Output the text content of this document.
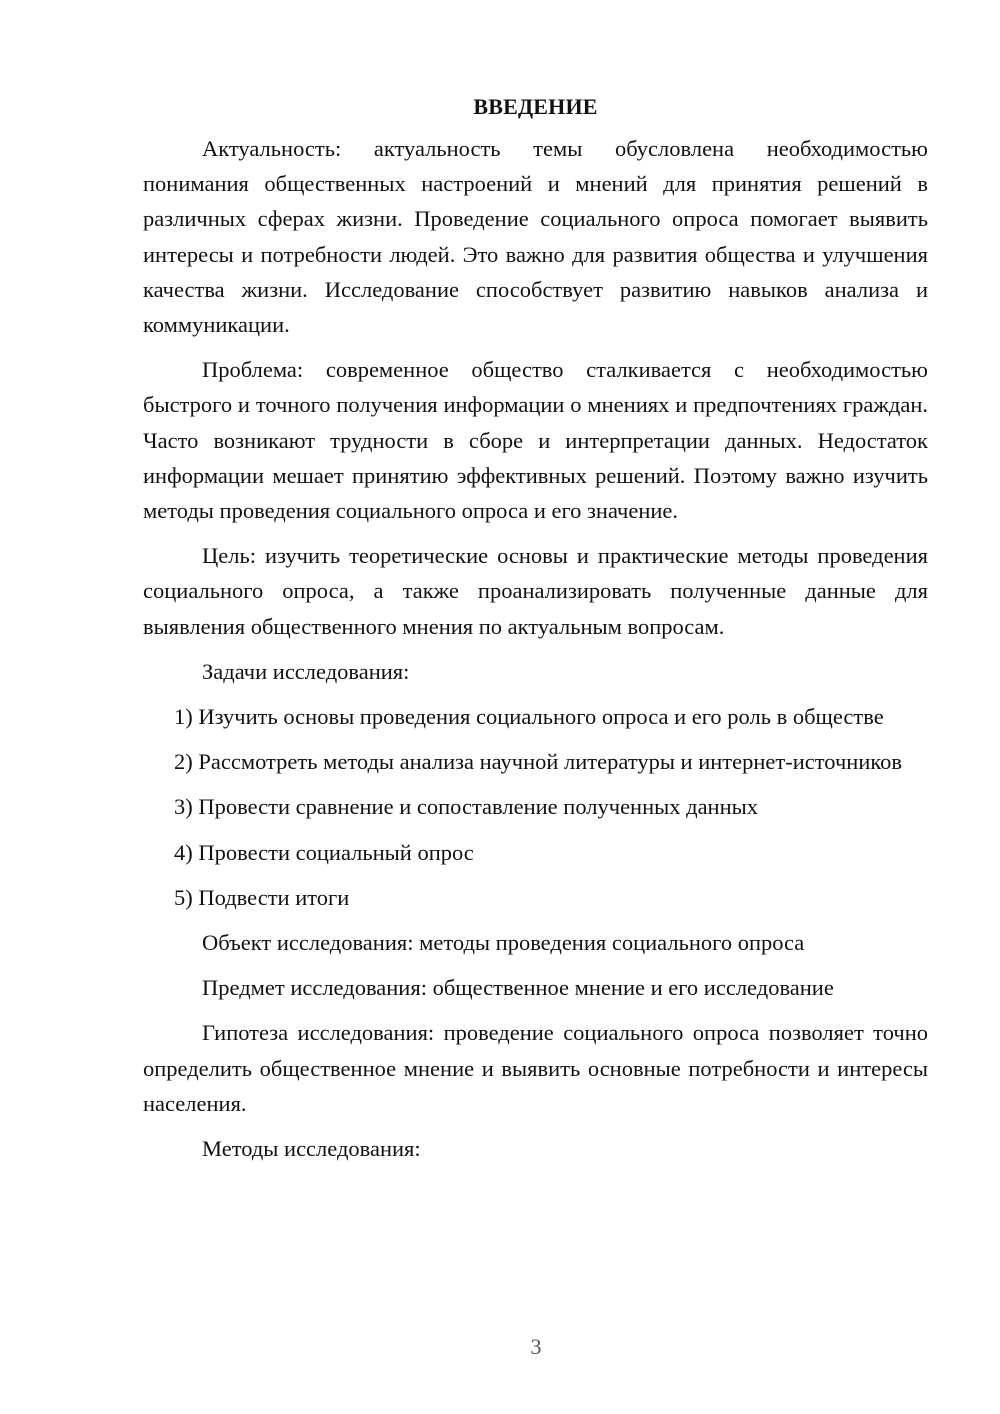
ВВЕДЕНИЕ

Актуальность: актуальность темы обусловлена необходимостью понимания общественных настроений и мнений для принятия решений в различных сферах жизни. Проведение социального опроса помогает выявить интересы и потребности людей. Это важно для развития общества и улучшения качества жизни. Исследование способствует развитию навыков анализа и коммуникации.

Проблема: современное общество сталкивается с необходимостью быстрого и точного получения информации о мнениях и предпочтениях граждан. Часто возникают трудности в сборе и интерпретации данных. Недостаток информации мешает принятию эффективных решений. Поэтому важно изучить методы проведения социального опроса и его значение.

Цель: изучить теоретические основы и практические методы проведения социального опроса, а также проанализировать полученные данные для выявления общественного мнения по актуальным вопросам.

Задачи исследования:

1) Изучить основы проведения социального опроса и его роль в обществе

2) Рассмотреть методы анализа научной литературы и интернет-источников

3) Провести сравнение и сопоставление полученных данных

4) Провести социальный опрос

5) Подвести итоги

Объект исследования: методы проведения социального опроса

Предмет исследования: общественное мнение и его исследование

Гипотеза исследования: проведение социального опроса позволяет точно определить общественное мнение и выявить основные потребности и интересы населения.

Методы исследования:

3
